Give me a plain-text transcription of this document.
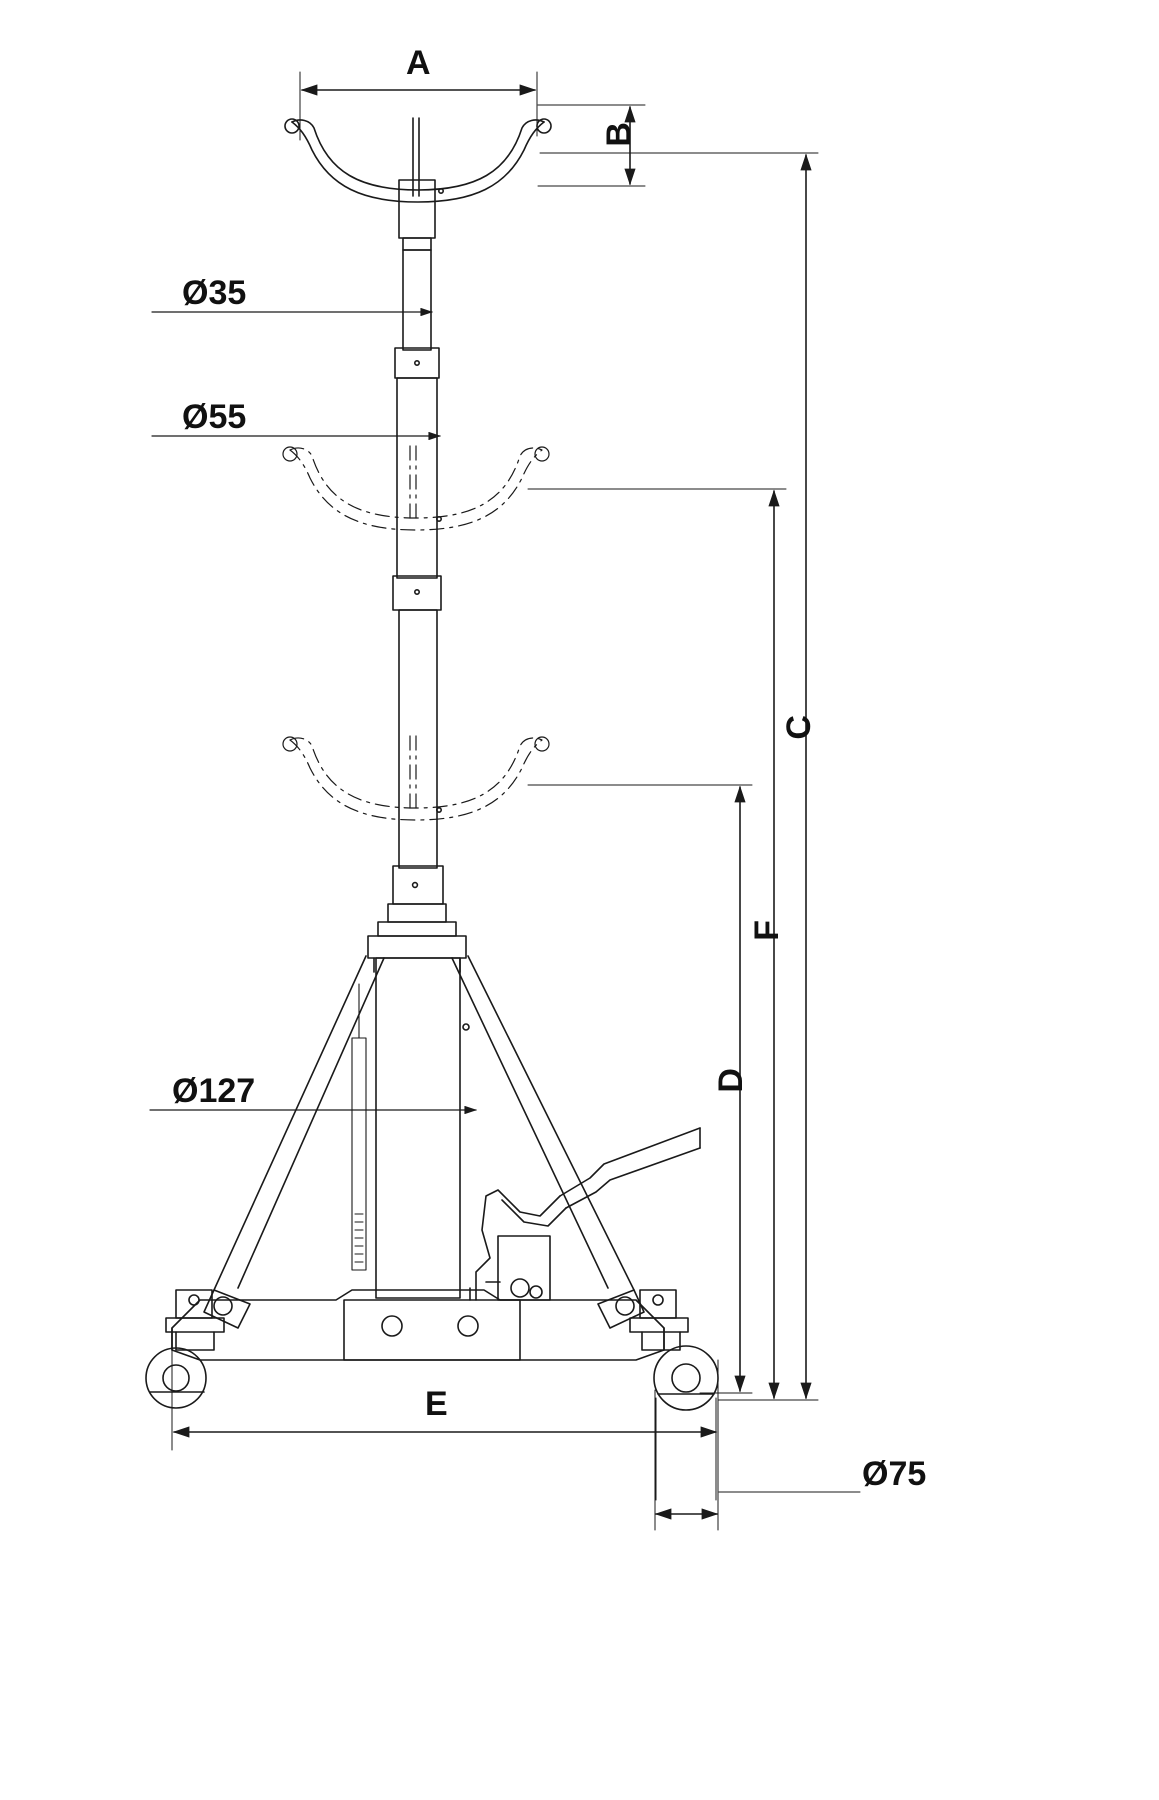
A
B
C
D
E
F
Ø35
Ø55
Ø127
Ø75
